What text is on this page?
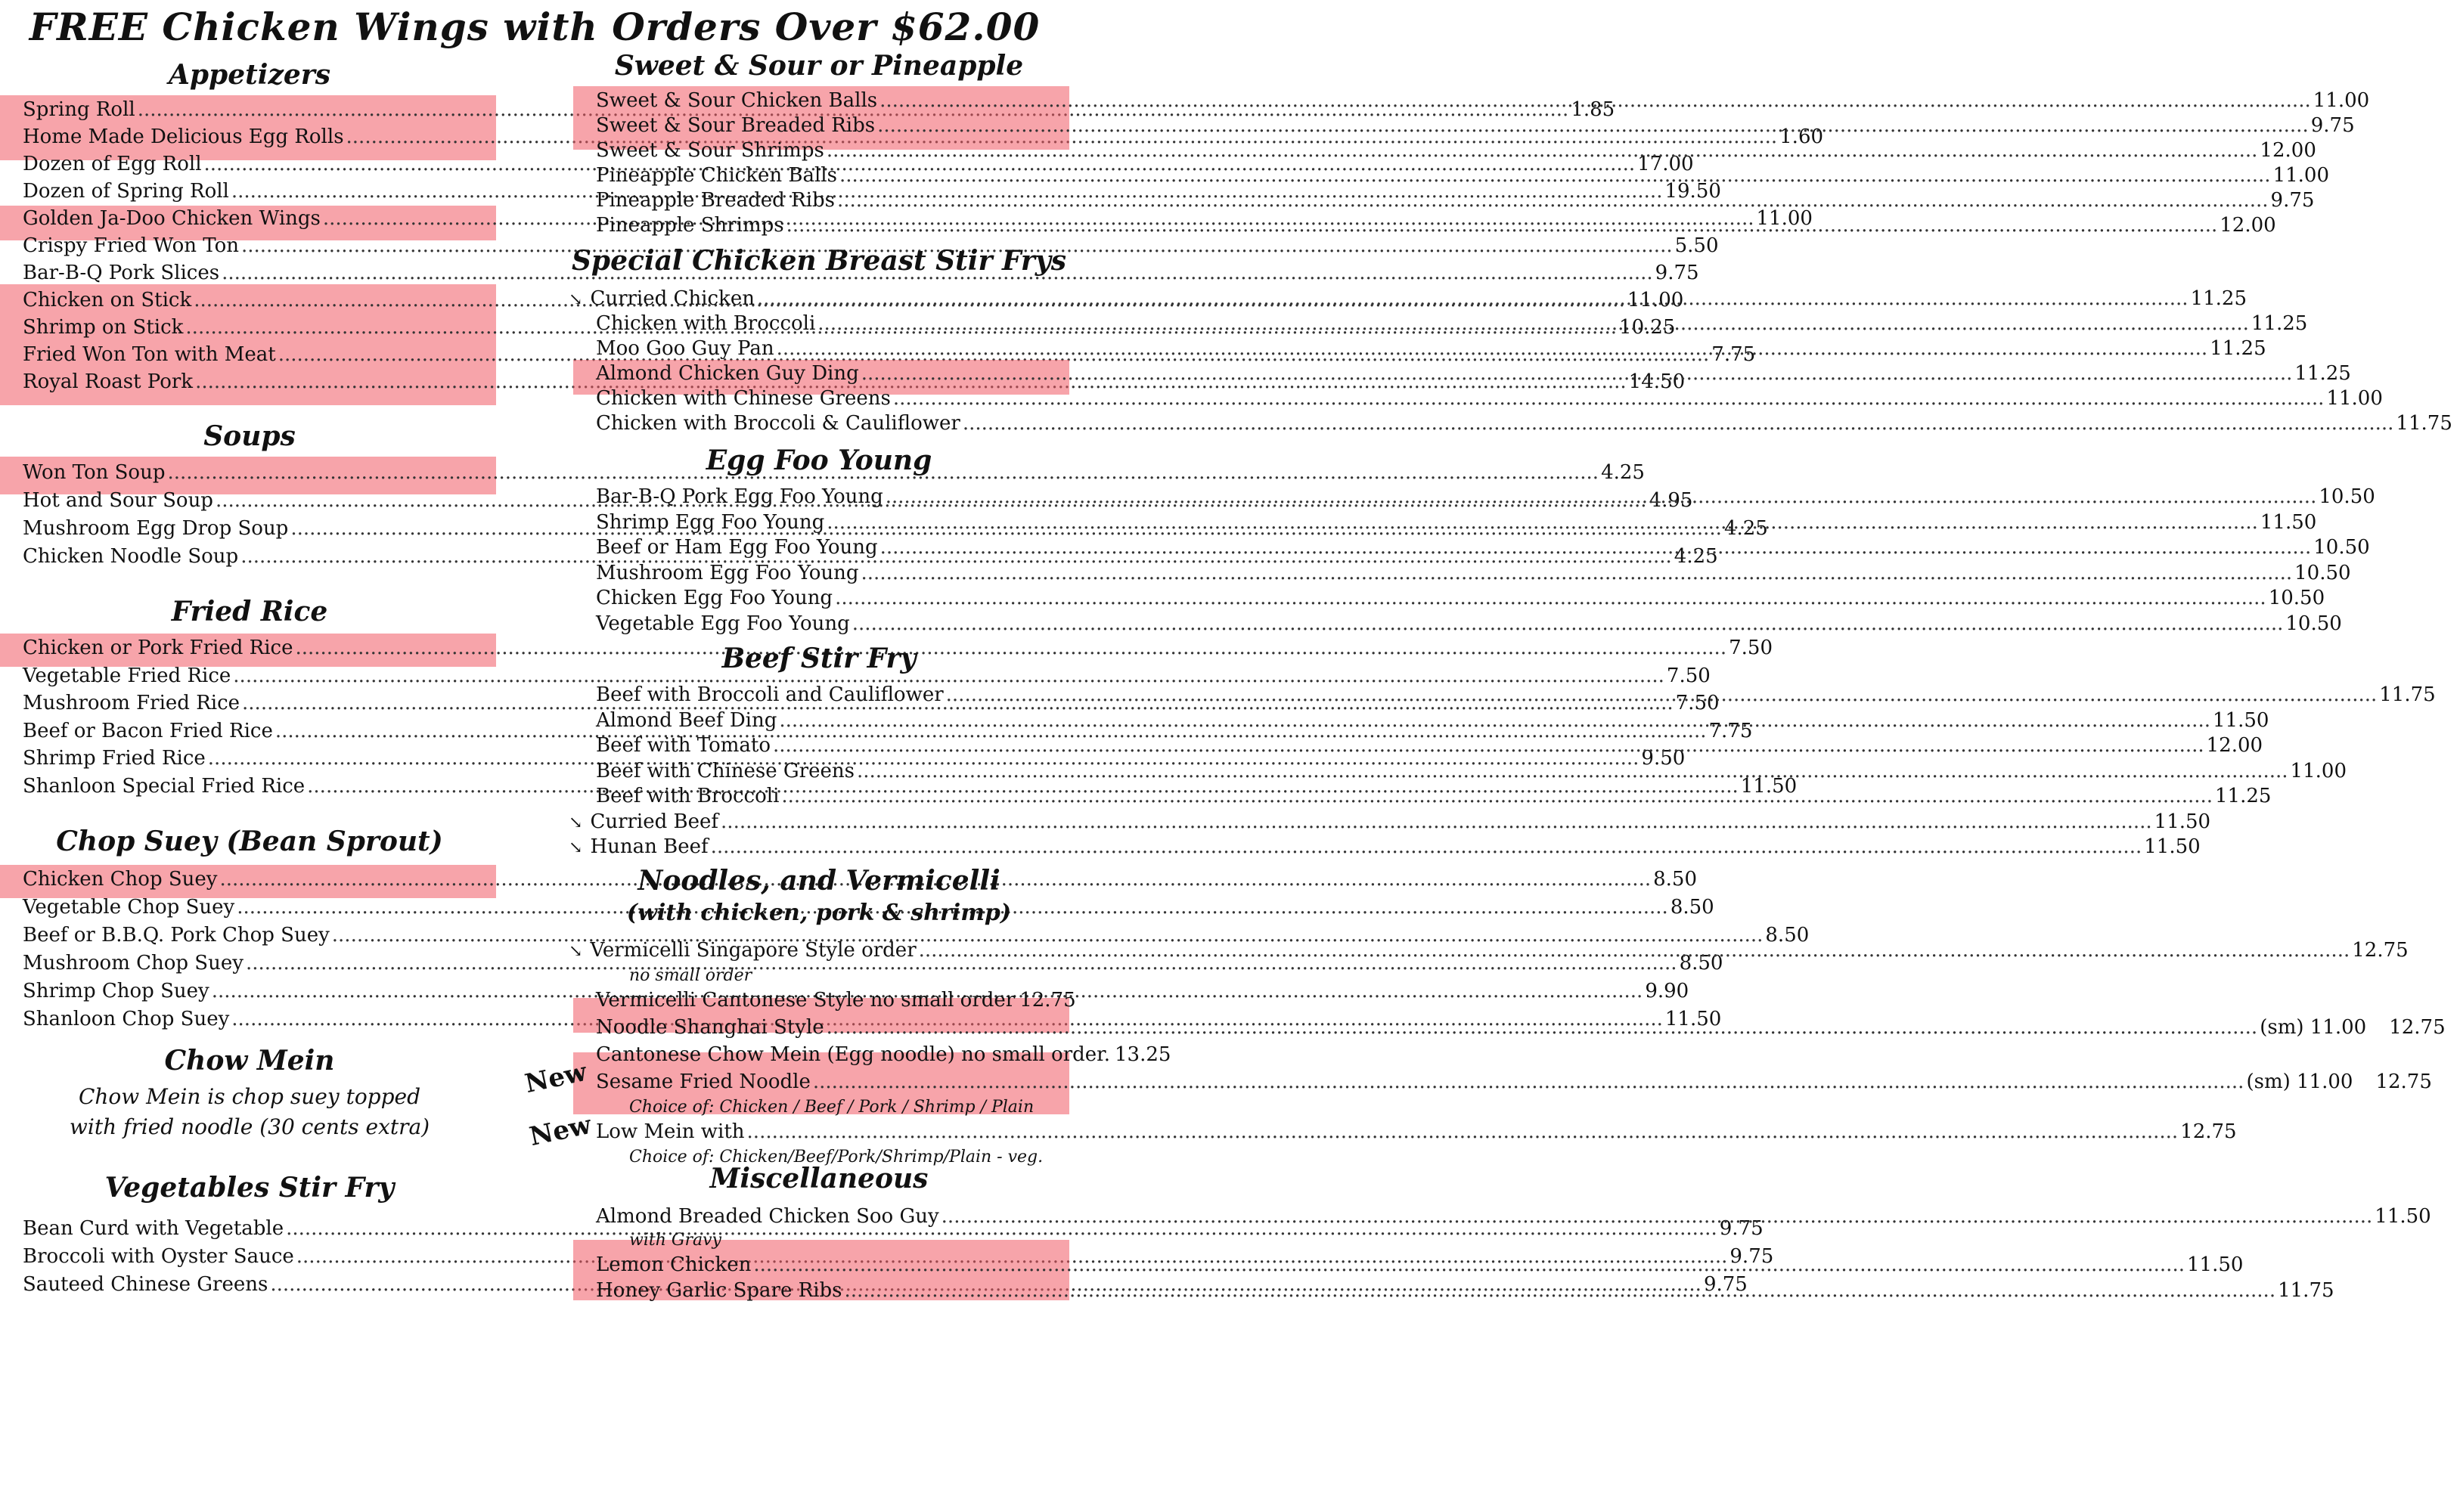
FREE Chicken Wings with Orders Over $62.00
Appetizers
Spring Roll .....	1.85
Home Made Delicious Egg Rolls .....	1.60
Dozen of Egg Roll .....	17.00
Dozen of Spring Roll .....	19.50
Golden Ja-Doo Chicken Wings .....	11.00
Crispy Fried Won Ton .....	5.50
Bar-B-Q Pork Slices .....	9.75
Chicken on Stick .....	11.00
Shrimp on Stick .....	10.25
Fried Won Ton with Meat .....	7.75
Royal Roast Pork .....	14.50
Soups
Won Ton Soup .....	4.25
Hot and Sour Soup .....	4.95
Mushroom Egg Drop Soup .....	4.25
Chicken Noodle Soup .....	4.25
Fried Rice
Chicken or Pork Fried Rice .....	7.50
Vegetable Fried Rice .....	7.50
Mushroom Fried Rice .....	7.50
Beef or Bacon Fried Rice .....	7.75
Shrimp Fried Rice .....	9.50
Shanloon Special Fried Rice .....	11.50
Chop Suey (Bean Sprout)
Chicken Chop Suey .....	8.50
Vegetable Chop Suey .....	8.50
Beef or B.B.Q. Pork Chop Suey .....	8.50
Mushroom Chop Suey .....	8.50
Shrimp Chop Suey .....	9.90
Shanloon Chop Suey .....	11.50
Chow Mein
Chow Mein is chop suey topped
with fried noodle (30 cents extra)
Vegetables Stir Fry
Bean Curd with Vegetable .....	9.75
Broccoli with Oyster Sauce .....	9.75
Sauteed Chinese Greens .....	9.75
Sweet & Sour or Pineapple
Sweet & Sour Chicken Balls .....	11.00
Sweet & Sour Breaded Ribs .....	9.75
Sweet & Sour Shrimps .....	12.00
Pineapple Chicken Balls .....	11.00
Pineapple Breaded Ribs .....	9.75
Pineapple Shrimps .....	12.00
Special Chicken Breast Stir Frys
↘ Curried Chicken .....	11.25
Chicken with Broccoli .....	11.25
Moo Goo Guy Pan .....	11.25
Almond Chicken Guy Ding .....	11.25
Chicken with Chinese Greens .....	11.00
Chicken with Broccoli & Cauliflower .....	11.75
Egg Foo Young
Bar-B-Q Pork Egg Foo Young .....	10.50
Shrimp Egg Foo Young .....	11.50
Beef or Ham Egg Foo Young .....	10.50
Mushroom Egg Foo Young .....	10.50
Chicken Egg Foo Young .....	10.50
Vegetable Egg Foo Young .....	10.50
Beef Stir Fry
Beef with Broccoli and Cauliflower .....	11.75
Almond Beef Ding .....	11.50
Beef with Tomato .....	12.00
Beef with Chinese Greens .....	11.00
Beef with Broccoli .....	11.25
↘ Curried Beef .....	11.50
↘ Hunan Beef .....	11.50
Noodles, and Vermicelli
(with chicken, pork & shrimp)
↘ Vermicelli Singapore Style order .....	12.75
no small order
Vermicelli Cantonese Style no small order 12.75
Noodle Shanghai Style .....	(sm) 11.00	12.75
Cantonese Chow Mein (Egg noodle) no small order. 13.25
Sesame Fried Noodle .....	(sm) 11.00	12.75
Choice of: Chicken / Beef / Pork / Shrimp / Plain
Low Mein with .....	12.75
Choice of: Chicken/Beef/Pork/Shrimp/Plain - veg.
Miscellaneous
Almond Breaded Chicken Soo Guy .....	11.50
with Gravy
Lemon Chicken .....	11.50
Honey Garlic Spare Ribs .....	11.75
New
New
